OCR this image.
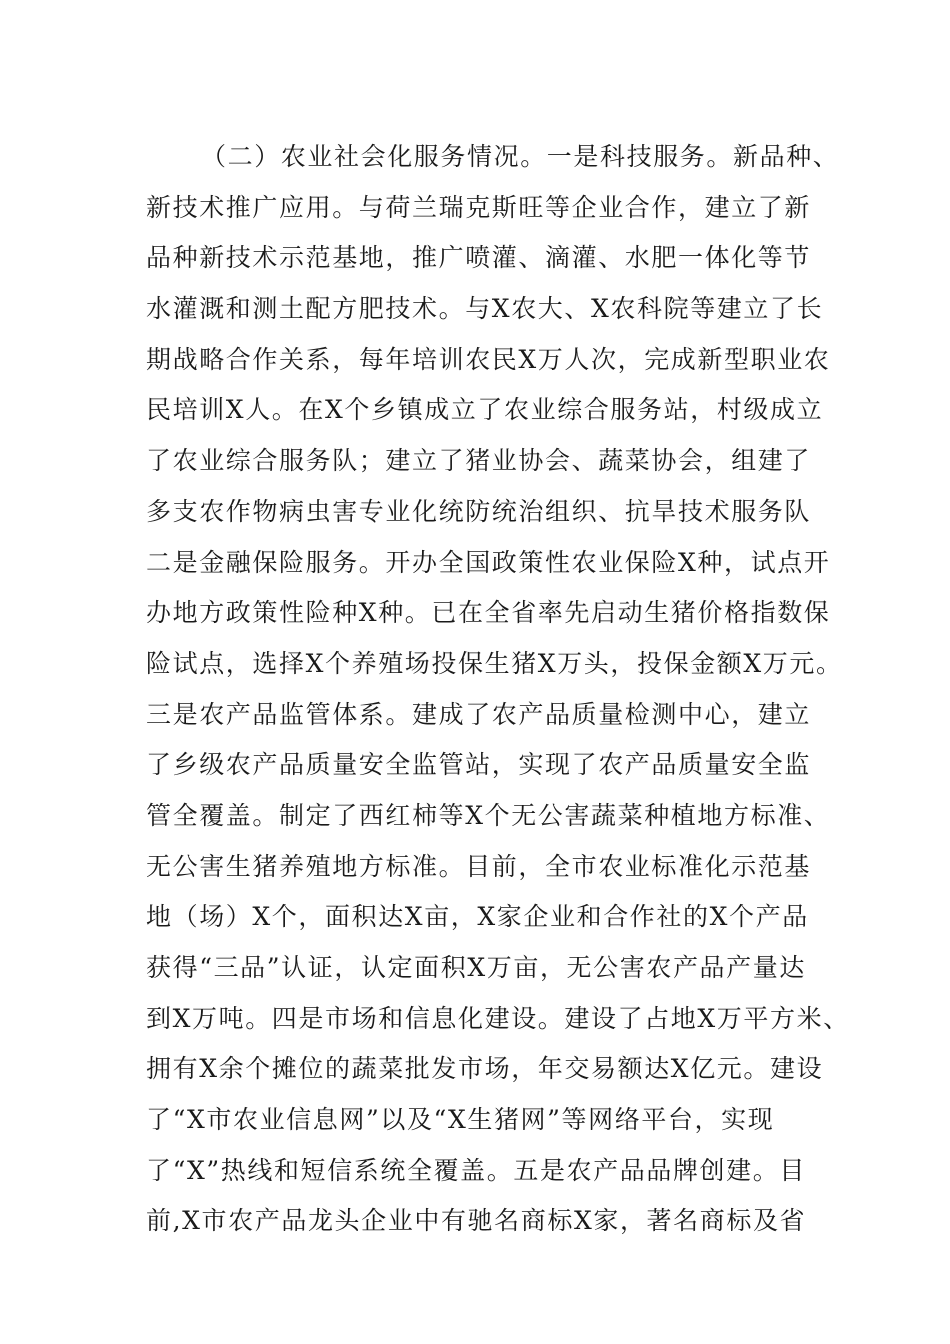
（二）农业社会化服务情况。一是科技服务。新品种、
新技术推广应用。与荷兰瑞克斯旺等企业合作，建立了新
品种新技术示范基地，推广喷灌、滴灌、水肥一体化等节
水灌溉和测土配方肥技术。与X农大、X农科院等建立了长
期战略合作关系，每年培训农民X万人次，完成新型职业农
民培训X人。在X个乡镇成立了农业综合服务站，村级成立
了农业综合服务队；建立了猪业协会、蔬菜协会，组建了
多支农作物病虫害专业化统防统治组织、抗旱技术服务队
二是金融保险服务。开办全国政策性农业保险X种，试点开
办地方政策性险种X种。已在全省率先启动生猪价格指数保
险试点，选择X个养殖场投保生猪X万头，投保金额X万元。
三是农产品监管体系。建成了农产品质量检测中心，建立
了乡级农产品质量安全监管站，实现了农产品质量安全监
管全覆盖。制定了西红柿等X个无公害蔬菜种植地方标准、
无公害生猪养殖地方标准。目前，全市农业标准化示范基
地（场）X个，面积达X亩，X家企业和合作社的X个产品
获得“三品”认证，认定面积X万亩，无公害农产品产量达
到X万吨。四是市场和信息化建设。建设了占地X万平方米、
拥有X余个摊位的蔬菜批发市场，年交易额达X亿元。建设
了“X市农业信息网”以及“X生猪网”等网络平台，实现
了“X”热线和短信系统全覆盖。五是农产品品牌创建。目
前,X市农产品龙头企业中有驰名商标X家，著名商标及省
